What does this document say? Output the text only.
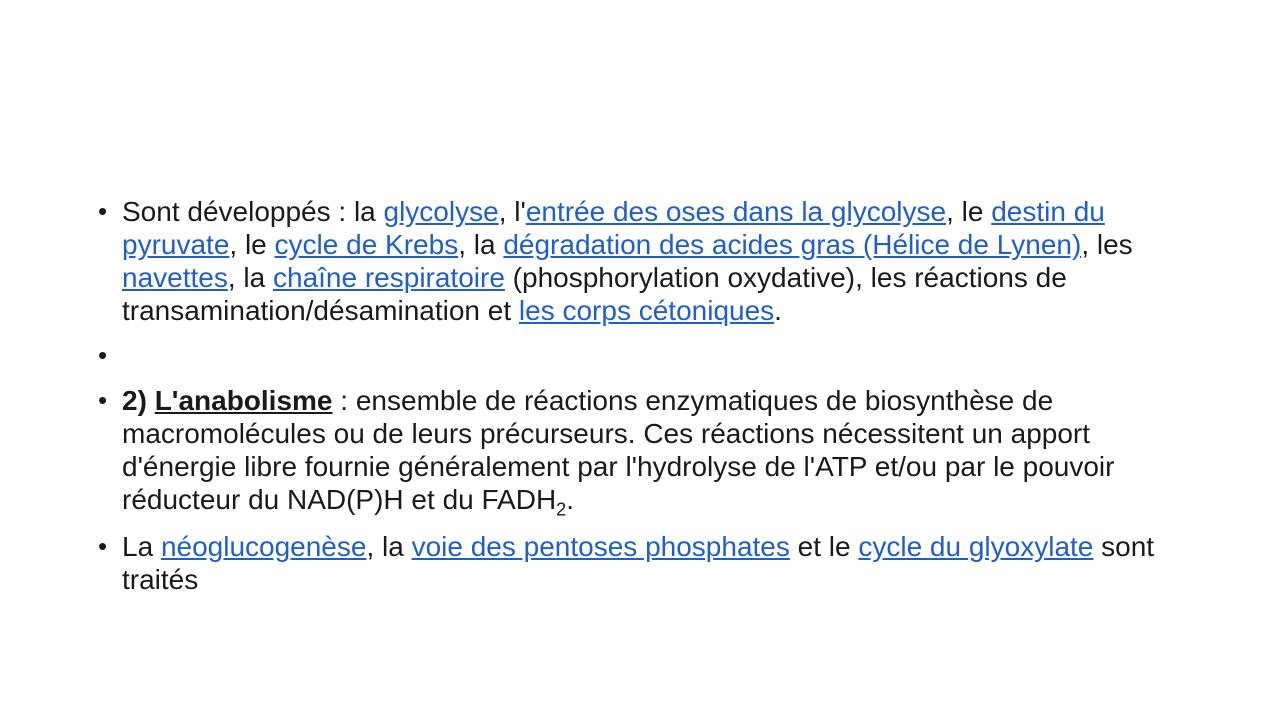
• Sont développés : la glycolyse, l'entrée des oses dans la glycolyse, le destin du pyruvate, le cycle de Krebs, la dégradation des acides gras (Hélice de Lynen), les navettes, la chaîne respiratoire (phosphorylation oxydative), les réactions de transamination/désamination et les corps cétoniques.
•
• 2) L'anabolisme : ensemble de réactions enzymatiques de biosynthèse de macromolécules ou de leurs précurseurs. Ces réactions nécessitent un apport d'énergie libre fournie généralement par l'hydrolyse de l'ATP et/ou par le pouvoir réducteur du NAD(P)H et du $FADH_2$.
• La néoglucogenèse, la voie des pentoses phosphates et le cycle du glyoxylate sont traités
